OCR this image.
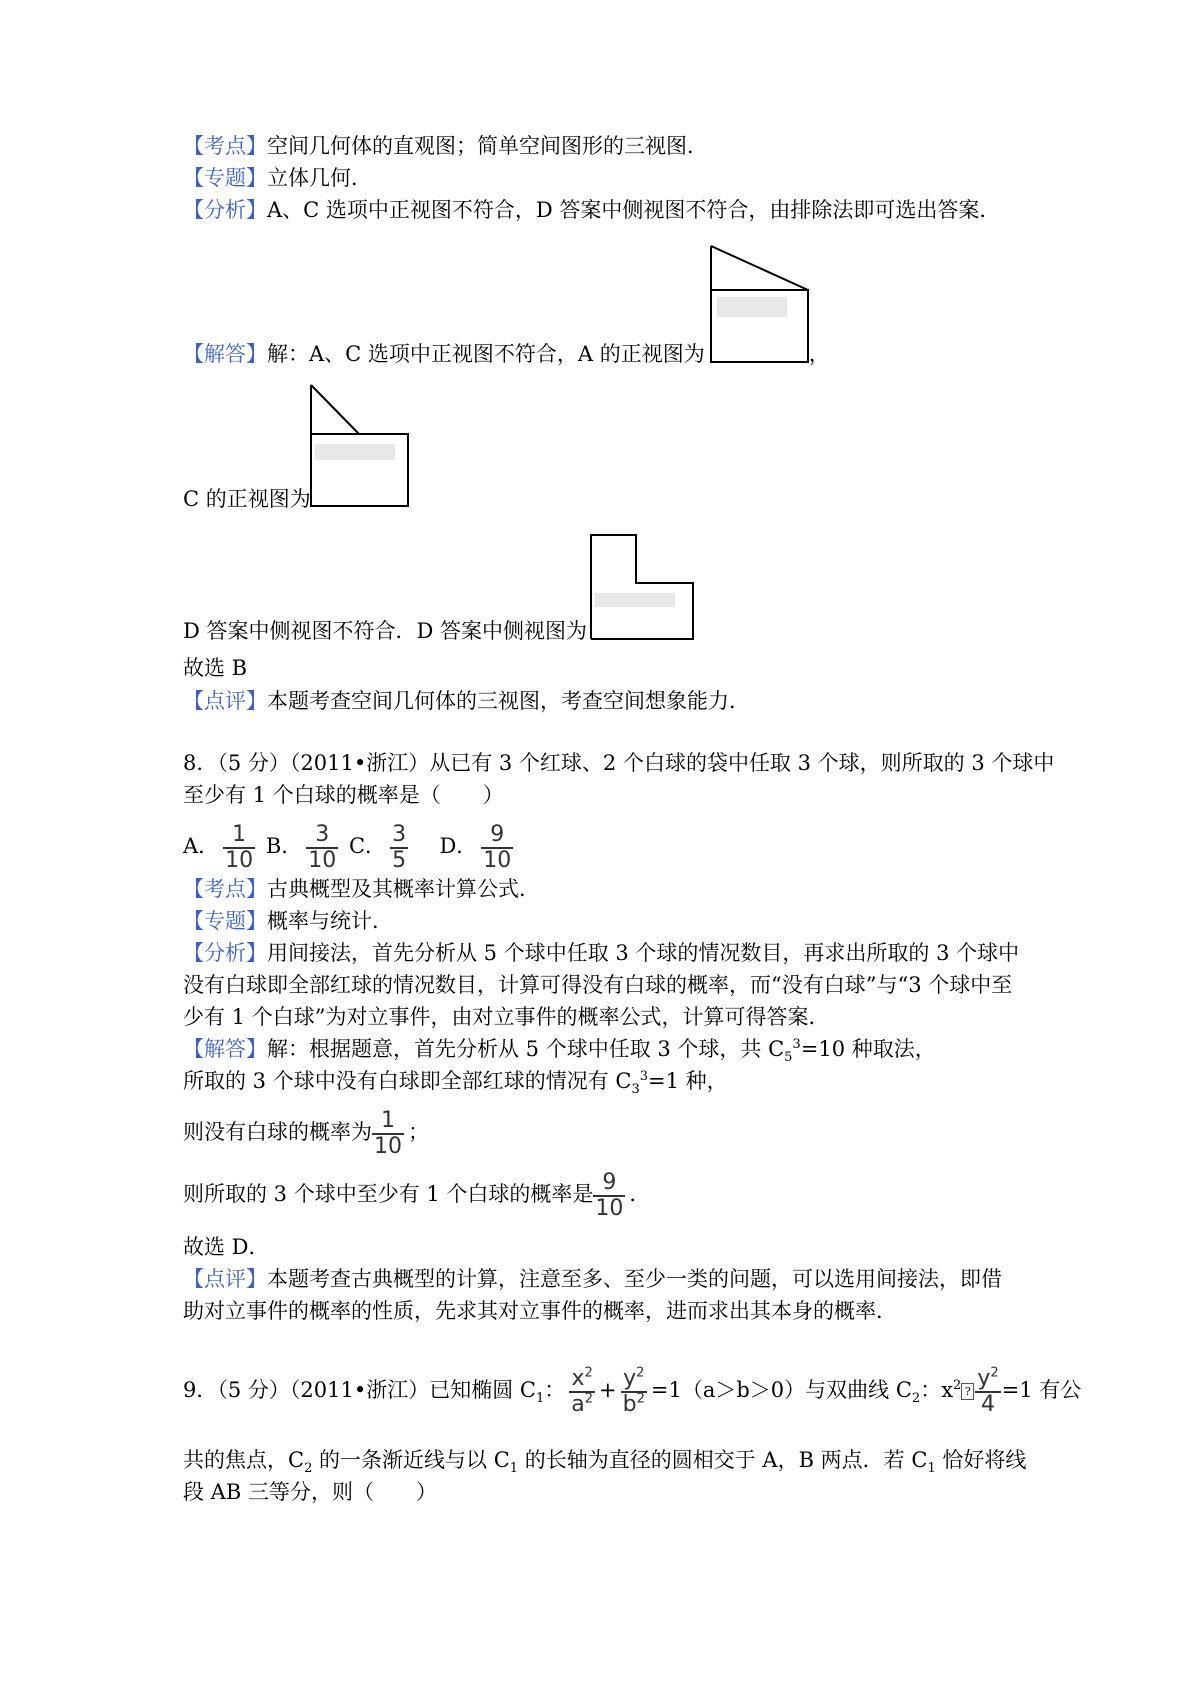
【考点】空间几何体的直观图；简单空间图形的三视图．
【专题】立体几何．
【分析】A、C 选项中正视图不符合，D 答案中侧视图不符合，由排除法即可选出答案．
【解答】解：A、C 选项中正视图不符合，A 的正视图为	，
C 的正视图为
D 答案中侧视图不符合．D 答案中侧视图为
故选 B
【点评】本题考查空间几何体的三视图，考查空间想象能力．
8．（5 分）（2011•浙江）从已有 3 个红球、2 个白球的袋中任取 3 个球，则所取的 3 个球中
至少有 1 个白球的概率是（　　）
A． $\frac{1}{10}$ B． $\frac{3}{10}$ C． $\frac{3}{5}$ D． $\frac{9}{10}$
【考点】古典概型及其概率计算公式．
【专题】概率与统计．
【分析】用间接法，首先分析从 5 个球中任取 3 个球的情况数目，再求出所取的 3 个球中
没有白球即全部红球的情况数目，计算可得没有白球的概率，而“没有白球”与“3 个球中至
少有 1 个白球”为对立事件，由对立事件的概率公式，计算可得答案．
【解答】解：根据题意，首先分析从 5 个球中任取 3 个球，共 $C_5^3=10$ 种取法，
所取的 3 个球中没有白球即全部红球的情况有 $C_3^3=1$ 种，
则没有白球的概率为 $\frac{1}{10}$ ；
则所取的 3 个球中至少有 1 个白球的概率是 $\frac{9}{10}$ ．
故选 D．
【点评】本题考查古典概型的计算，注意至多、至少一类的问题，可以选用间接法，即借
助对立事件的概率的性质，先求其对立事件的概率，进而求出其本身的概率．
9．（5 分）（2011•浙江）已知椭圆 $C_1$： $\frac{x^2}{a^2} + \frac{y^2}{b^2} =1(a>b>0)$与双曲线 $C_2$：$x^2$ ? $\frac{y^2}{4} =1$ 有公
共的焦点，$C_2$ 的一条渐近线与以 $C_1$ 的长轴为直径的圆相交于 A，B 两点．若 $C_1$ 恰好将线
段 AB 三等分，则（　　）
